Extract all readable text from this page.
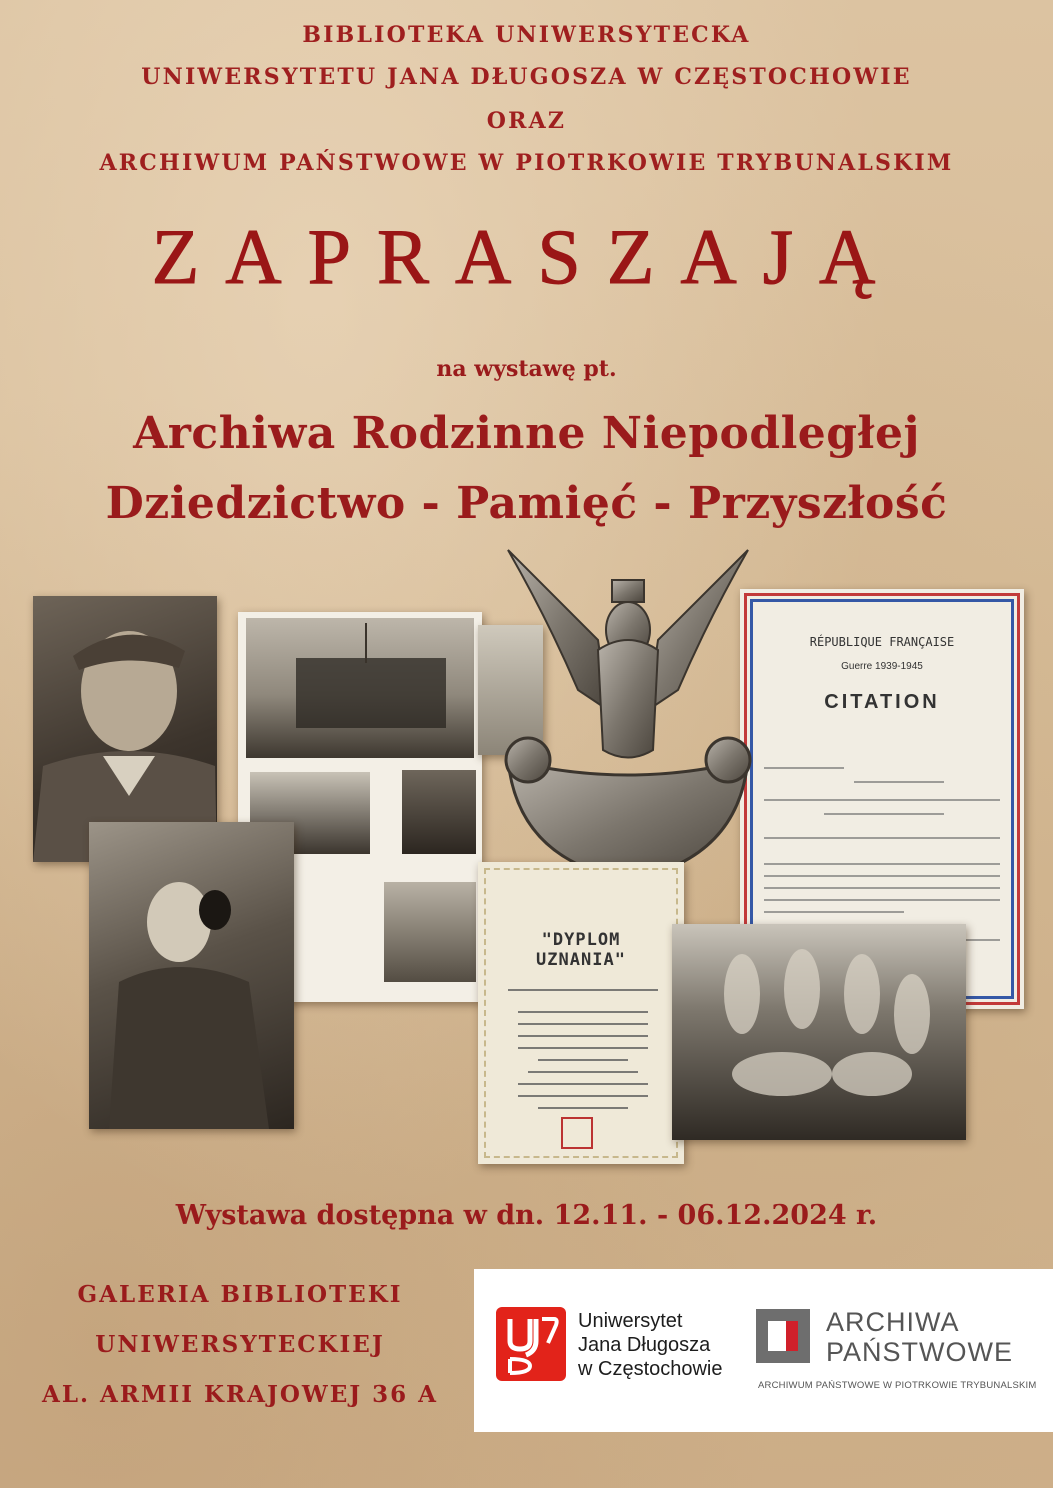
BIBLIOTEKA UNIWERSYTECKA
UNIWERSYTETU JANA DŁUGOSZA W CZĘSTOCHOWIE
ORAZ
ARCHIWUM PAŃSTWOWE W PIOTRKOWIE TRYBUNALSKIM
ZAPRASZAJĄ
na wystawę pt.
Archiwa Rodzinne Niepodległej
Dziedzictwo - Pamięć - Przyszłość
RÉPUBLIQUE FRANÇAISE
Guerre 1939-1945
CITATION
"DYPLOM
UZNANIA"
Wystawa dostępna w dn. 12.11. - 06.12.2024 r.
GALERIA BIBLIOTEKI
UNIWERSYTECKIEJ
AL. ARMII KRAJOWEJ 36 A
Uniwersytet
Jana Długosza
w Częstochowie
ARCHIWA
PAŃSTWOWE
ARCHIWUM PAŃSTWOWE W PIOTRKOWIE TRYBUNALSKIM
